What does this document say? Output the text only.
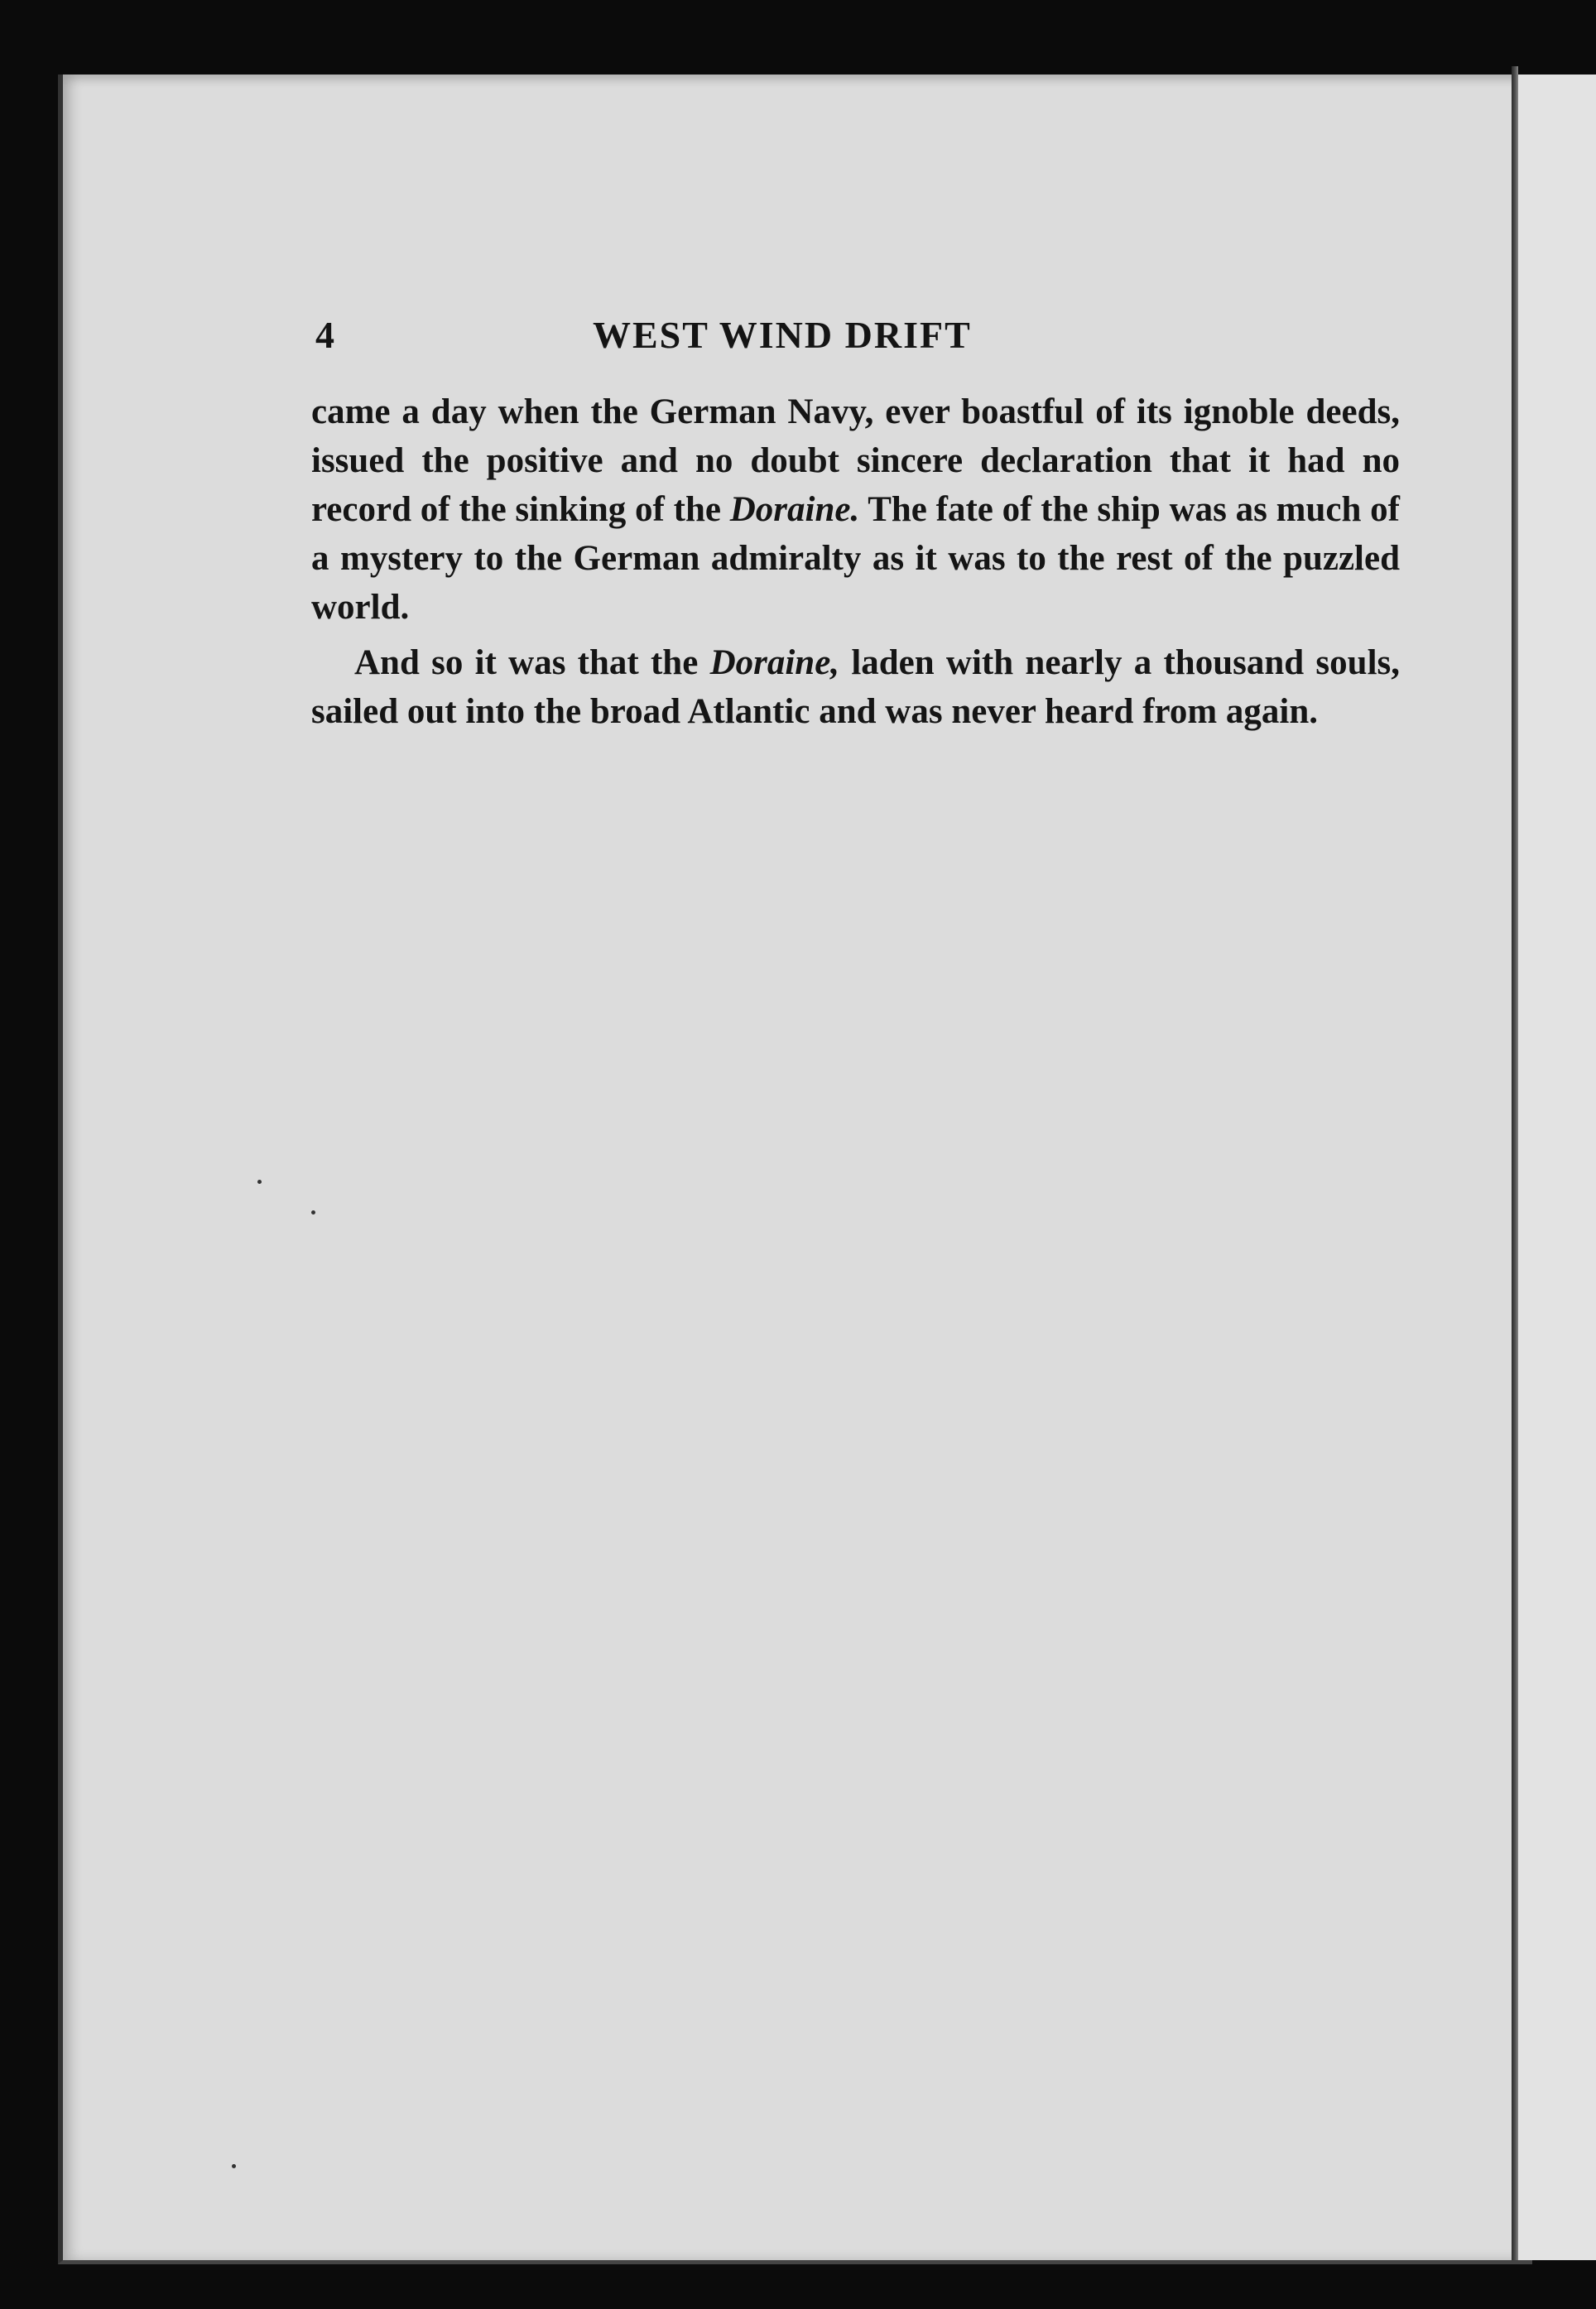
4	WEST WIND DRIFT

came a day when the German Navy, ever boastful of its ignoble deeds, issued the positive and no doubt sincere declaration that it had no record of the sinking of the Doraine. The fate of the ship was as much of a mystery to the German admiralty as it was to the rest of the puzzled world.

And so it was that the Doraine, laden with nearly a thousand souls, sailed out into the broad Atlantic and was never heard from again.
